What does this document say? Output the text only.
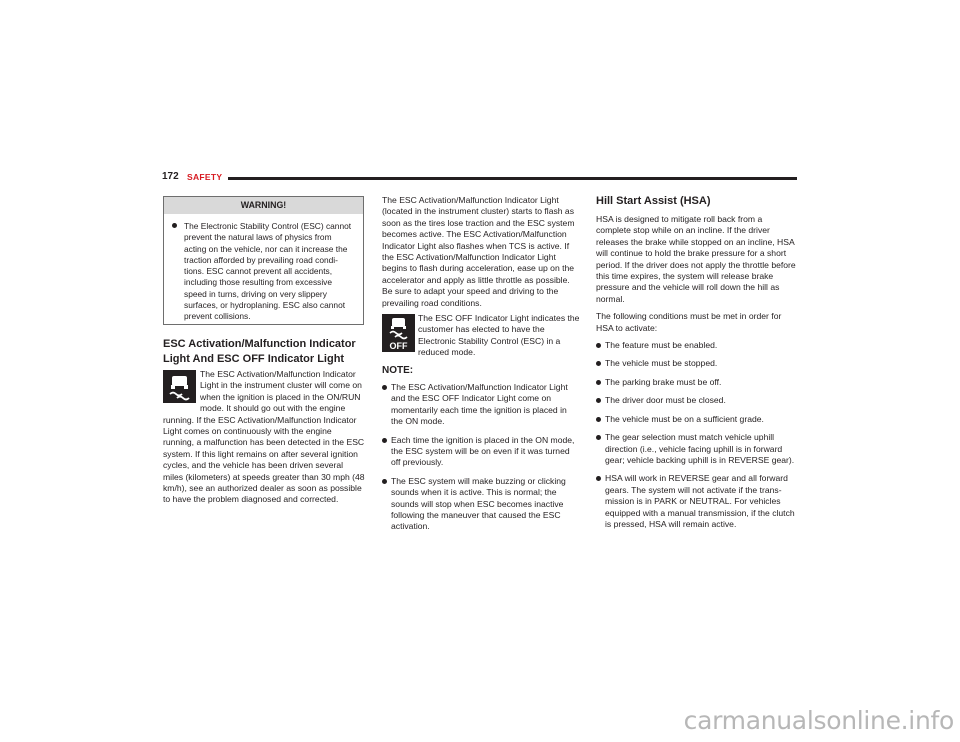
172 SAFETY
WARNING!
The Electronic Stability Control (ESC) cannot prevent the natural laws of physics from acting on the vehicle, nor can it increase the traction afforded by prevailing road condi-tions. ESC cannot prevent all accidents, including those resulting from excessive speed in turns, driving on very slippery surfaces, or hydroplaning. ESC also cannot prevent collisions.
ESC Activation/Malfunction Indicator Light And ESC OFF Indicator Light

The ESC Activation/Malfunction Indicator Light in the instrument cluster will come on when the ignition is placed in the ON/RUN mode. It should go out with the engine running. If the ESC Activation/Malfunction Indicator Light comes on continuously with the engine running, a malfunction has been detected in the ESC system. If this light remains on after several ignition cycles, and the vehicle has been driven several miles (kilometers) at speeds greater than 30 mph (48 km/h), see an authorized dealer as soon as possible to have the problem diagnosed and corrected.

The ESC Activation/Malfunction Indicator Light (located in the instrument cluster) starts to flash as soon as the tires lose traction and the ESC system becomes active. The ESC Activation/Malfunction Indicator Light also flashes when TCS is active. If the ESC Activation/Malfunction Indicator Light begins to flash during acceleration, ease up on the accelerator and apply as little throttle as possible. Be sure to adapt your speed and driving to the prevailing road conditions.

OFF

The ESC OFF Indicator Light indicates the customer has elected to have the Electronic Stability Control (ESC) in a reduced mode.

NOTE:
The ESC Activation/Malfunction Indicator Light and the ESC OFF Indicator Light come on momentarily each time the ignition is placed in the ON mode.
Each time the ignition is placed in the ON mode, the ESC system will be on even if it was turned off previously.
The ESC system will make buzzing or clicking sounds when it is active. This is normal; the sounds will stop when ESC becomes inactive following the maneuver that caused the ESC activation.
Hill Start Assist (HSA)

HSA is designed to mitigate roll back from a complete stop while on an incline. If the driver releases the brake while stopped on an incline, HSA will continue to hold the brake pressure for a short period. If the driver does not apply the throttle before this time expires, the system will release brake pressure and the vehicle will roll down the hill as normal.

The following conditions must be met in order for HSA to activate:

The feature must be enabled.
The vehicle must be stopped.
The parking brake must be off.
The driver door must be closed.
The vehicle must be on a sufficient grade.
The gear selection must match vehicle uphill direction (i.e., vehicle facing uphill is in forward gear; vehicle backing uphill is in REVERSE gear).
HSA will work in REVERSE gear and all forward gears. The system will not activate if the trans-mission is in PARK or NEUTRAL. For vehicles equipped with a manual transmission, if the clutch is pressed, HSA will remain active.
carmanualsonline.info
